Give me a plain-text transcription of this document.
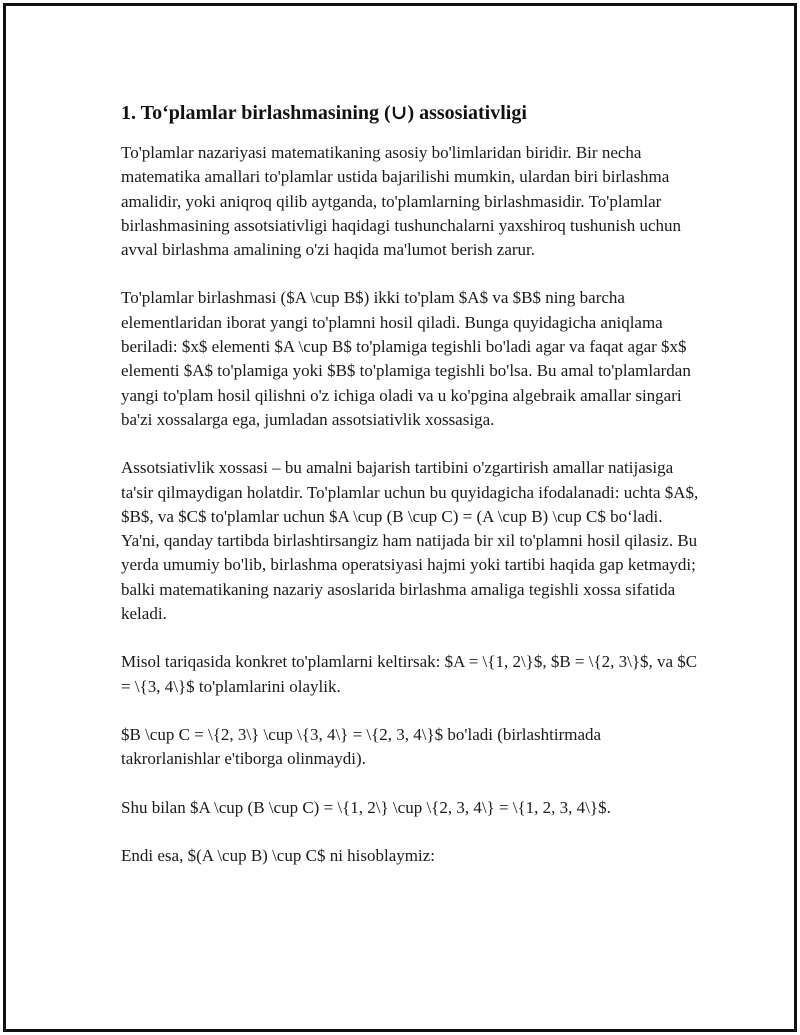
1. To‘plamlar birlashmasining (∪) assosiativligi

To'plamlar nazariyasi matematikaning asosiy bo'limlaridan biridir. Bir necha matematika amallari to'plamlar ustida bajarilishi mumkin, ulardan biri birlashma amalidir, yoki aniqroq qilib aytganda, to'plamlarning birlashmasidir. To'plamlar birlashmasining assotsiativligi haqidagi tushunchalarni yaxshiroq tushunish uchun avval birlashma amalining o'zi haqida ma'lumot berish zarur.

To'plamlar birlashmasi ($A \cup B$) ikki to'plam $A$ va $B$ ning barcha elementlaridan iborat yangi to'plamni hosil qiladi. Bunga quyidagicha aniqlama beriladi: $x$ elementi $A \cup B$ to'plamiga tegishli bo'ladi agar va faqat agar $x$ elementi $A$ to'plamiga yoki $B$ to'plamiga tegishli bo'lsa. Bu amal to'plamlardan yangi to'plam hosil qilishni o'z ichiga oladi va u ko'pgina algebraik amallar singari ba'zi xossalarga ega, jumladan assotsiativlik xossasiga.

Assotsiativlik xossasi – bu amalni bajarish tartibini o'zgartirish amallar natijasiga ta'sir qilmaydigan holatdir. To'plamlar uchun bu quyidagicha ifodalanadi: uchta $A$, $B$, va $C$ to'plamlar uchun $A \cup (B \cup C) = (A \cup B) \cup C$ bo‘ladi. Ya'ni, qanday tartibda birlashtirsangiz ham natijada bir xil to'plamni hosil qilasiz. Bu yerda umumiy bo'lib, birlashma operatsiyasi hajmi yoki tartibi haqida gap ketmaydi; balki matematikaning nazariy asoslarida birlashma amaliga tegishli xossa sifatida keladi.

Misol tariqasida konkret to'plamlarni keltirsak: $A = \{1, 2\}$, $B = \{2, 3\}$, va $C = \{3, 4\}$ to'plamlarini olaylik.

$B \cup C = \{2, 3\} \cup \{3, 4\} = \{2, 3, 4\}$ bo'ladi (birlashtirmada takrorlanishlar e'tiborga olinmaydi).

Shu bilan $A \cup (B \cup C) = \{1, 2\} \cup \{2, 3, 4\} = \{1, 2, 3, 4\}$.

Endi esa, $(A \cup B) \cup C$ ni hisoblaymiz:
